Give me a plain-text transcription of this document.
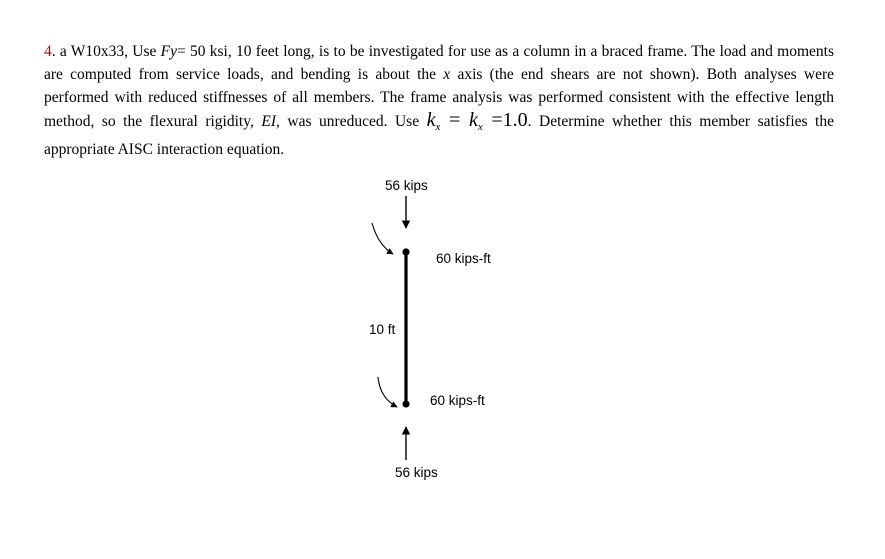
4. a W10x33, Use Fy= 50 ksi, 10 feet long, is to be investigated for use as a column in a braced frame. The load and moments are computed from service loads, and bending is about the x axis (the end shears are not shown). Both analyses were performed with reduced stiffnesses of all members. The frame analysis was performed consistent with the effective length method, so the flexural rigidity, EI, was unreduced. Use $k_x = k_x =1.0$. Determine whether this member satisfies the appropriate AISC interaction equation.
56 kips
60 kips-ft
10 ft
60 kips-ft
56 kips
